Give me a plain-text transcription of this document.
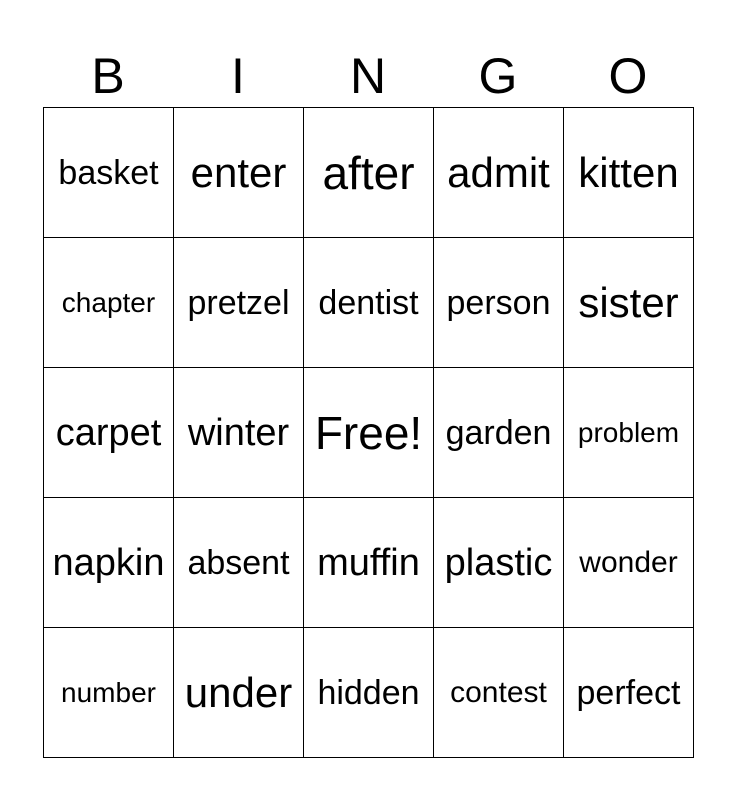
B	I	N	G	O
basket enter after admit kitten
chapter pretzel dentist person sister
carpet winter Free! garden problem
napkin absent muffin plastic wonder
number under hidden	contest perfect
